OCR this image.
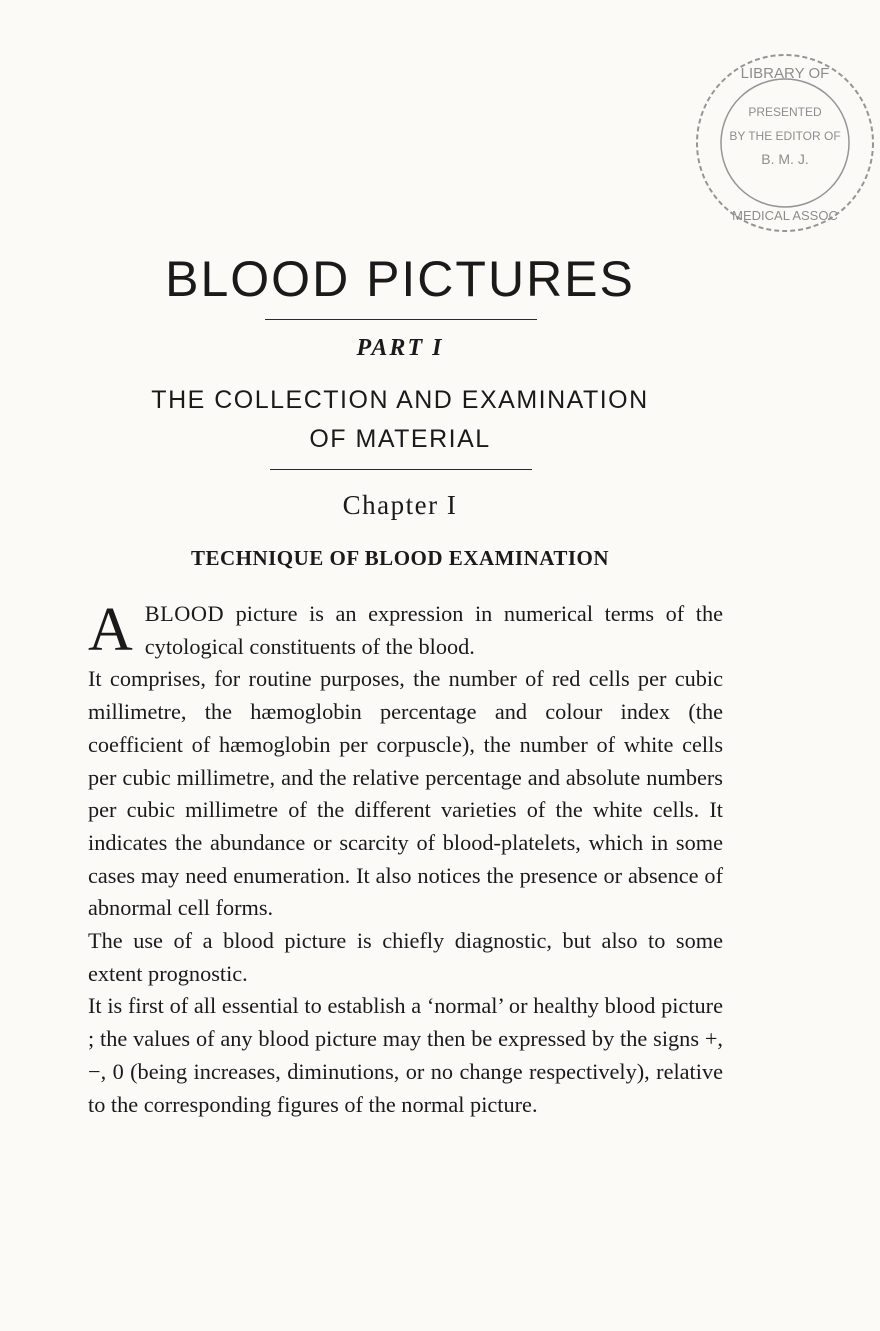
LIBRARY OF
PRESENTED
BY THE EDITOR OF
B. M. J.
MEDICAL ASSOC
BLOOD PICTURES
PART I
THE COLLECTION AND EXAMINATION
OF MATERIAL
Chapter I
TECHNIQUE OF BLOOD EXAMINATION

ABLOOD picture is an expression in numerical terms of the cytological constituents of the blood.

It comprises, for routine purposes, the number of red cells per cubic millimetre, the hæmoglobin percentage and colour index (the coefficient of hæmoglobin per corpuscle), the number of white cells per cubic millimetre, and the relative percentage and absolute numbers per cubic millimetre of the different varieties of the white cells. It indicates the abundance or scarcity of blood-platelets, which in some cases may need enumeration. It also notices the presence or absence of abnormal cell forms.

The use of a blood picture is chiefly diagnostic, but also to some extent prognostic.

It is first of all essential to establish a ‘normal’ or healthy blood picture ; the values of any blood picture may then be expressed by the signs +, −, 0 (being increases, diminutions, or no change respectively), relative to the corresponding figures of the normal picture.
